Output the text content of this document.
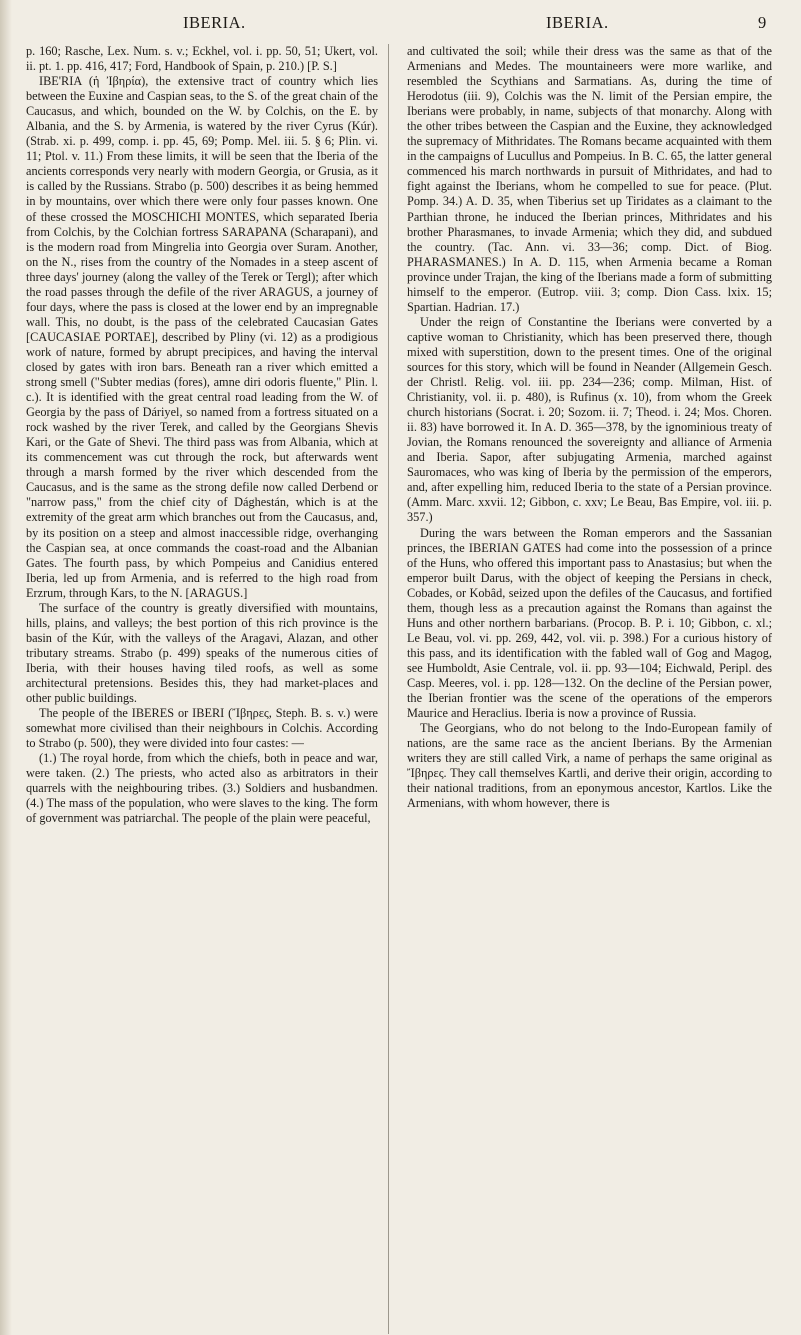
IBERIA.	IBERIA.	9

p. 160; Rasche, Lex. Num. s. v.; Eckhel, vol. i. pp. 50, 51; Ukert, vol. ii. pt. 1. pp. 416, 417; Ford, Handbook of Spain, p. 210.) [P. S.]

IBE'RIA (ἡ Ἰβηρία), the extensive tract of country which lies between the Euxine and Caspian seas, to the S. of the great chain of the Caucasus, and which, bounded on the W. by Colchis, on the E. by Albania, and the S. by Armenia, is watered by the river Cyrus (Kúr). (Strab. xi. p. 499, comp. i. pp. 45, 69; Pomp. Mel. iii. 5. § 6; Plin. vi. 11; Ptol. v. 11.) From these limits, it will be seen that the Iberia of the ancients corresponds very nearly with modern Georgia, or Grusia, as it is called by the Russians. Strabo (p. 500) describes it as being hemmed in by mountains, over which there were only four passes known. One of these crossed the MOSCHICHI MONTES, which separated Iberia from Colchis, by the Colchian fortress SARAPANA (Scharapani), and is the modern road from Mingrelia into Georgia over Suram. Another, on the N., rises from the country of the Nomades in a steep ascent of three days' journey (along the valley of the Terek or Tergl); after which the road passes through the defile of the river ARAGUS, a journey of four days, where the pass is closed at the lower end by an impregnable wall. This, no doubt, is the pass of the celebrated Caucasian Gates [CAUCASIAE PORTAE], described by Pliny (vi. 12) as a prodigious work of nature, formed by abrupt precipices, and having the interval closed by gates with iron bars. Beneath ran a river which emitted a strong smell ("Subter medias (fores), amne diri odoris fluente," Plin. l. c.). It is identified with the great central road leading from the W. of Georgia by the pass of Dáriyel, so named from a fortress situated on a rock washed by the river Terek, and called by the Georgians Shevis Kari, or the Gate of Shevi. The third pass was from Albania, which at its commencement was cut through the rock, but afterwards went through a marsh formed by the river which descended from the Caucasus, and is the same as the strong defile now called Derbend or "narrow pass," from the chief city of Dághestán, which is at the extremity of the great arm which branches out from the Caucasus, and, by its position on a steep and almost inaccessible ridge, overhanging the Caspian sea, at once commands the coast-road and the Albanian Gates. The fourth pass, by which Pompeius and Canidius entered Iberia, led up from Armenia, and is referred to the high road from Erzrum, through Kars, to the N. [ARAGUS.]

The surface of the country is greatly diversified with mountains, hills, plains, and valleys; the best portion of this rich province is the basin of the Kúr, with the valleys of the Aragavi, Alazan, and other tributary streams. Strabo (p. 499) speaks of the numerous cities of Iberia, with their houses having tiled roofs, as well as some architectural pretensions. Besides this, they had market-places and other public buildings.

The people of the IBERES or IBERI (Ἴβηρες, Steph. B. s. v.) were somewhat more civilised than their neighbours in Colchis. According to Strabo (p. 500), they were divided into four castes: —

(1.) The royal horde, from which the chiefs, both in peace and war, were taken. (2.) The priests, who acted also as arbitrators in their quarrels with the neighbouring tribes. (3.) Soldiers and husbandmen. (4.) The mass of the population, who were slaves to the king. The form of government was patriarchal. The people of the plain were peaceful,

and cultivated the soil; while their dress was the same as that of the Armenians and Medes. The mountaineers were more warlike, and resembled the Scythians and Sarmatians. As, during the time of Herodotus (iii. 9), Colchis was the N. limit of the Persian empire, the Iberians were probably, in name, subjects of that monarchy. Along with the other tribes between the Caspian and the Euxine, they acknowledged the supremacy of Mithridates. The Romans became acquainted with them in the campaigns of Lucullus and Pompeius. In B. C. 65, the latter general commenced his march northwards in pursuit of Mithridates, and had to fight against the Iberians, whom he compelled to sue for peace. (Plut. Pomp. 34.) A. D. 35, when Tiberius set up Tiridates as a claimant to the Parthian throne, he induced the Iberian princes, Mithridates and his brother Pharasmanes, to invade Armenia; which they did, and subdued the country. (Tac. Ann. vi. 33—36; comp. Dict. of Biog. PHARASMANES.) In A. D. 115, when Armenia became a Roman province under Trajan, the king of the Iberians made a form of submitting himself to the emperor. (Eutrop. viii. 3; comp. Dion Cass. lxix. 15; Spartian. Hadrian. 17.)

Under the reign of Constantine the Iberians were converted by a captive woman to Christianity, which has been preserved there, though mixed with superstition, down to the present times. One of the original sources for this story, which will be found in Neander (Allgemein Gesch. der Christl. Relig. vol. iii. pp. 234—236; comp. Milman, Hist. of Christianity, vol. ii. p. 480), is Rufinus (x. 10), from whom the Greek church historians (Socrat. i. 20; Sozom. ii. 7; Theod. i. 24; Mos. Choren. ii. 83) have borrowed it. In A. D. 365—378, by the ignominious treaty of Jovian, the Romans renounced the sovereignty and alliance of Armenia and Iberia. Sapor, after subjugating Armenia, marched against Sauromaces, who was king of Iberia by the permission of the emperors, and, after expelling him, reduced Iberia to the state of a Persian province. (Amm. Marc. xxvii. 12; Gibbon, c. xxv; Le Beau, Bas Empire, vol. iii. p. 357.)

During the wars between the Roman emperors and the Sassanian princes, the IBERIAN GATES had come into the possession of a prince of the Huns, who offered this important pass to Anastasius; but when the emperor built Darus, with the object of keeping the Persians in check, Cobades, or Kobâd, seized upon the defiles of the Caucasus, and fortified them, though less as a precaution against the Romans than against the Huns and other northern barbarians. (Procop. B. P. i. 10; Gibbon, c. xl.; Le Beau, vol. vi. pp. 269, 442, vol. vii. p. 398.) For a curious history of this pass, and its identification with the fabled wall of Gog and Magog, see Humboldt, Asie Centrale, vol. ii. pp. 93—104; Eichwald, Peripl. des Casp. Meeres, vol. i. pp. 128—132. On the decline of the Persian power, the Iberian frontier was the scene of the operations of the emperors Maurice and Heraclius. Iberia is now a province of Russia.

The Georgians, who do not belong to the Indo-European family of nations, are the same race as the ancient Iberians. By the Armenian writers they are still called Virk, a name of perhaps the same original as Ἴβηρες. They call themselves Kartli, and derive their origin, according to their national traditions, from an eponymous ancestor, Kartlos. Like the Armenians, with whom however, there is
